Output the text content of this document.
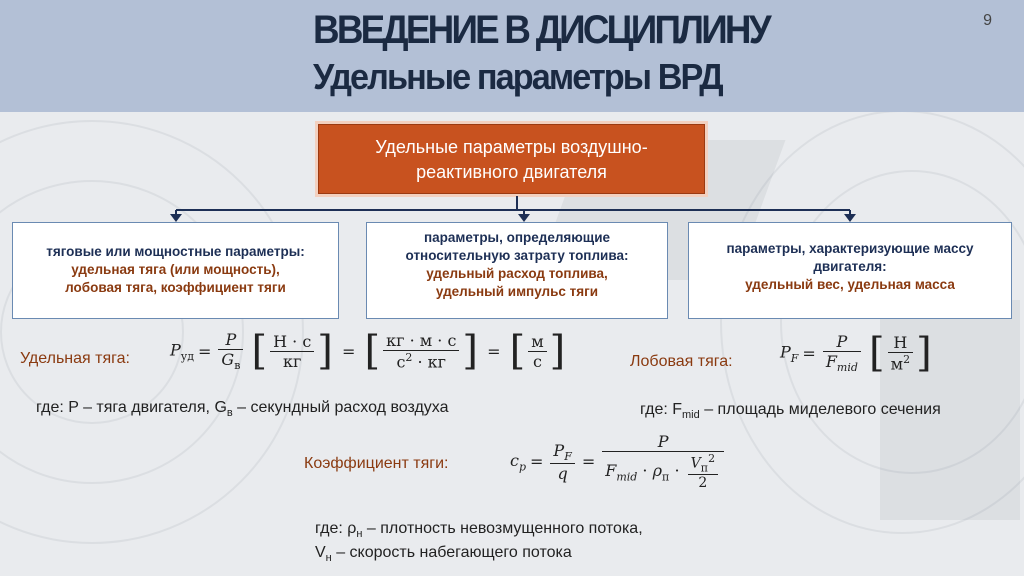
ВВЕДЕНИЕ В ДИСЦИПЛИНУ
Удельные параметры ВРД
9
Удельные параметры воздушно-
реактивного двигателя
тяговые или мощностные параметры:
удельная тяга (или мощность),
лобовая тяга, коэффициент тяги
параметры, определяющие
относительную затрату топлива:
удельный расход топлива,
удельный импульс тяги
параметры, характеризующие массу
двигателя:
удельный вес, удельная масса
Удельная тяга:	$P_{уд} = \frac{P}{G_в}$ [ $\frac{Н \cdot с}{кг}$ ] = [ $\frac{кг \cdot м \cdot с}{с^2 \cdot кг}$ ] = [ $\frac{м}{с}$ ]
где: P – тяга двигателя, $G_в$ – секундный расход воздуха
Лобовая тяга:	$P_F = \frac{P}{F_{mid}}$ [ $\frac{Н}{м^2}$ ]
где: $F_{mid}$ – площадь миделевого сечения
Коэффициент тяги:	$c_p = \frac{P_F}{q} = \frac{P}{F_{mid} \cdot \rho_п \cdot \frac{V_п^2}{2}}$
где: $\rho_н$ – плотность невозмущенного потока,
$V_н$ – скорость набегающего потока
